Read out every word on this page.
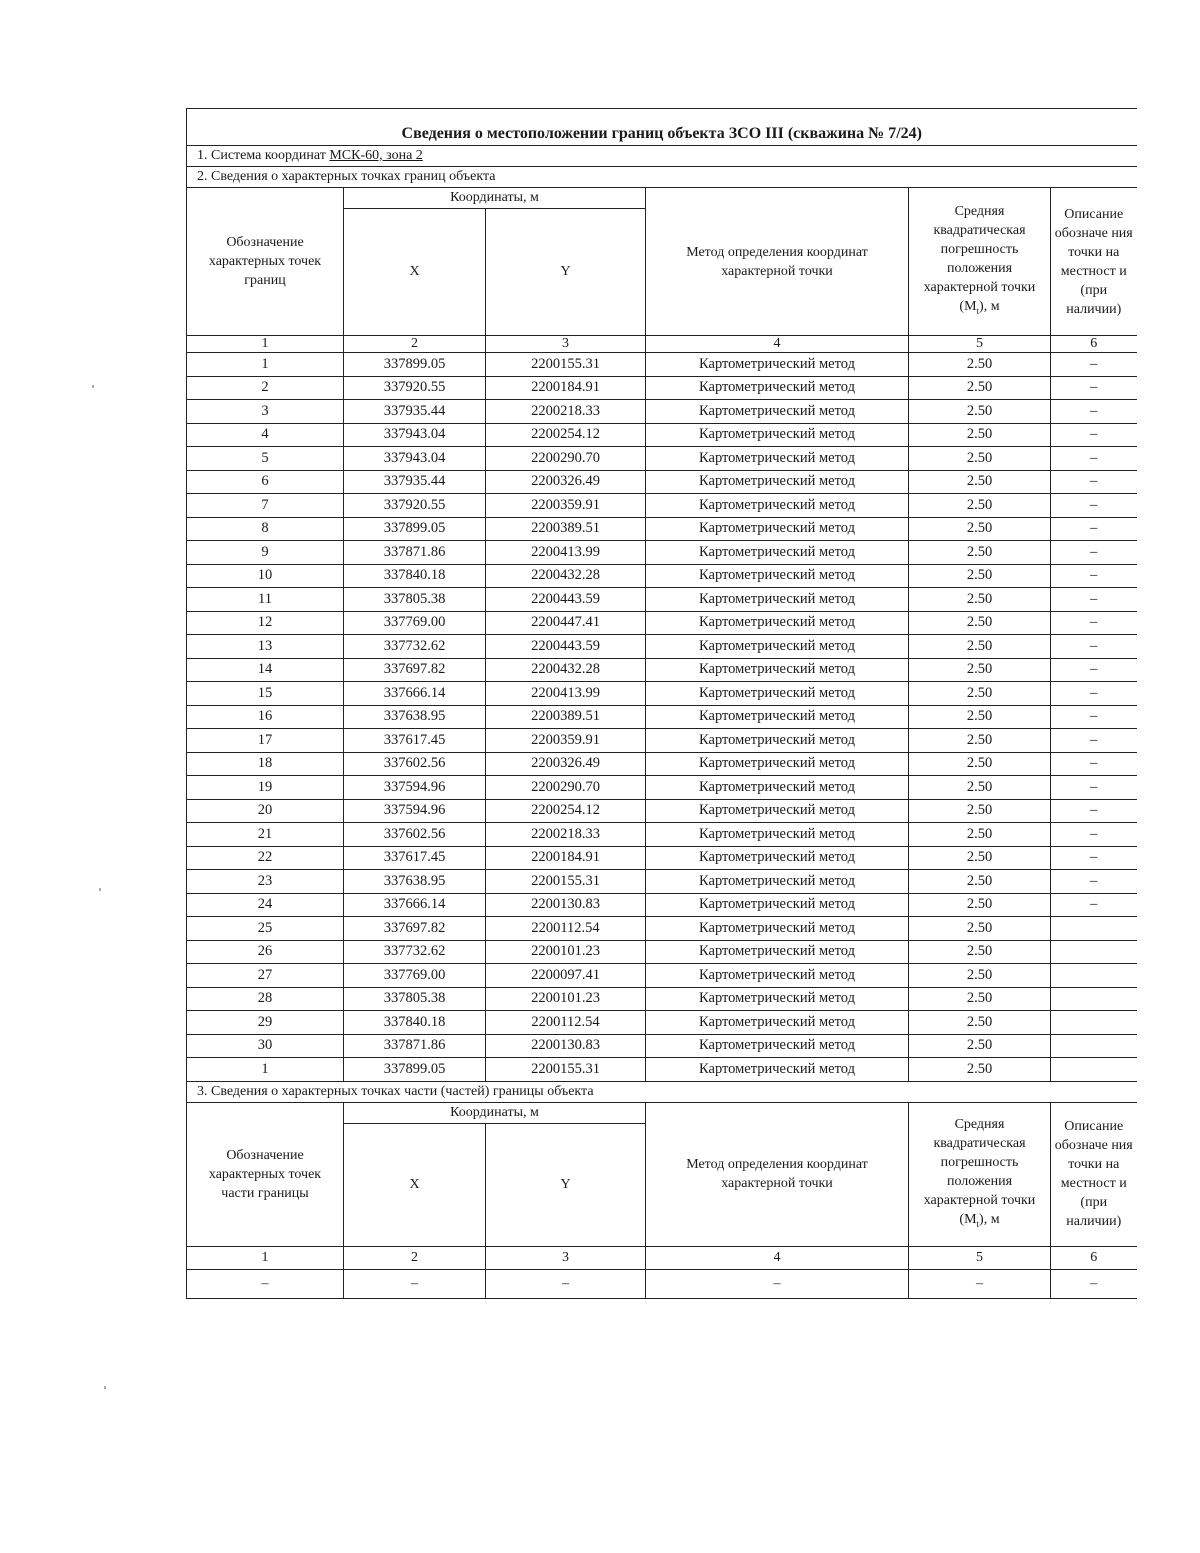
Сведения о местоположении границ объекта ЗСО III (скважина № 7/24)					
1. Система координат МСК-60, зона 2					
2. Сведения о характерных точках границ объекта					
Обозначение характерных точек границ	Координаты, м		Метод определения координат характерной точки	Средняя квадратическая погрешность положения характерной точки $(M_t)$, м	Описание обозначе ния точки на местност и (при наличии)
	X	Y			
1	2	3	4	5	6
1	337899.05	2200155.31	Картометрический метод	2.50	–
2	337920.55	2200184.91	Картометрический метод	2.50	–
3	337935.44	2200218.33	Картометрический метод	2.50	–
4	337943.04	2200254.12	Картометрический метод	2.50	–
5	337943.04	2200290.70	Картометрический метод	2.50	–
6	337935.44	2200326.49	Картометрический метод	2.50	–
7	337920.55	2200359.91	Картометрический метод	2.50	–
8	337899.05	2200389.51	Картометрический метод	2.50	–
9	337871.86	2200413.99	Картометрический метод	2.50	–
10	337840.18	2200432.28	Картометрический метод	2.50	–
11	337805.38	2200443.59	Картометрический метод	2.50	–
12	337769.00	2200447.41	Картометрический метод	2.50	–
13	337732.62	2200443.59	Картометрический метод	2.50	–
14	337697.82	2200432.28	Картометрический метод	2.50	–
15	337666.14	2200413.99	Картометрический метод	2.50	–
16	337638.95	2200389.51	Картометрический метод	2.50	–
17	337617.45	2200359.91	Картометрический метод	2.50	–
18	337602.56	2200326.49	Картометрический метод	2.50	–
19	337594.96	2200290.70	Картометрический метод	2.50	–
20	337594.96	2200254.12	Картометрический метод	2.50	–
21	337602.56	2200218.33	Картометрический метод	2.50	–
22	337617.45	2200184.91	Картометрический метод	2.50	–
23	337638.95	2200155.31	Картометрический метод	2.50	–
24	337666.14	2200130.83	Картометрический метод	2.50	–
25	337697.82	2200112.54	Картометрический метод	2.50	
26	337732.62	2200101.23	Картометрический метод	2.50	
27	337769.00	2200097.41	Картометрический метод	2.50	
28	337805.38	2200101.23	Картометрический метод	2.50	
29	337840.18	2200112.54	Картометрический метод	2.50	
30	337871.86	2200130.83	Картометрический метод	2.50	
1	337899.05	2200155.31	Картометрический метод	2.50	
3. Сведения о характерных точках части (частей) границы объекта					
Обозначение характерных точек части границы	Координаты, м		Метод определения координат характерной точки	Средняя квадратическая погрешность положения характерной точки $(M_t)$, м	Описание обозначе ния точки на местност и (при наличии)
	X	Y			
1	2	3	4	5	6
–	–	–	–	–	–
